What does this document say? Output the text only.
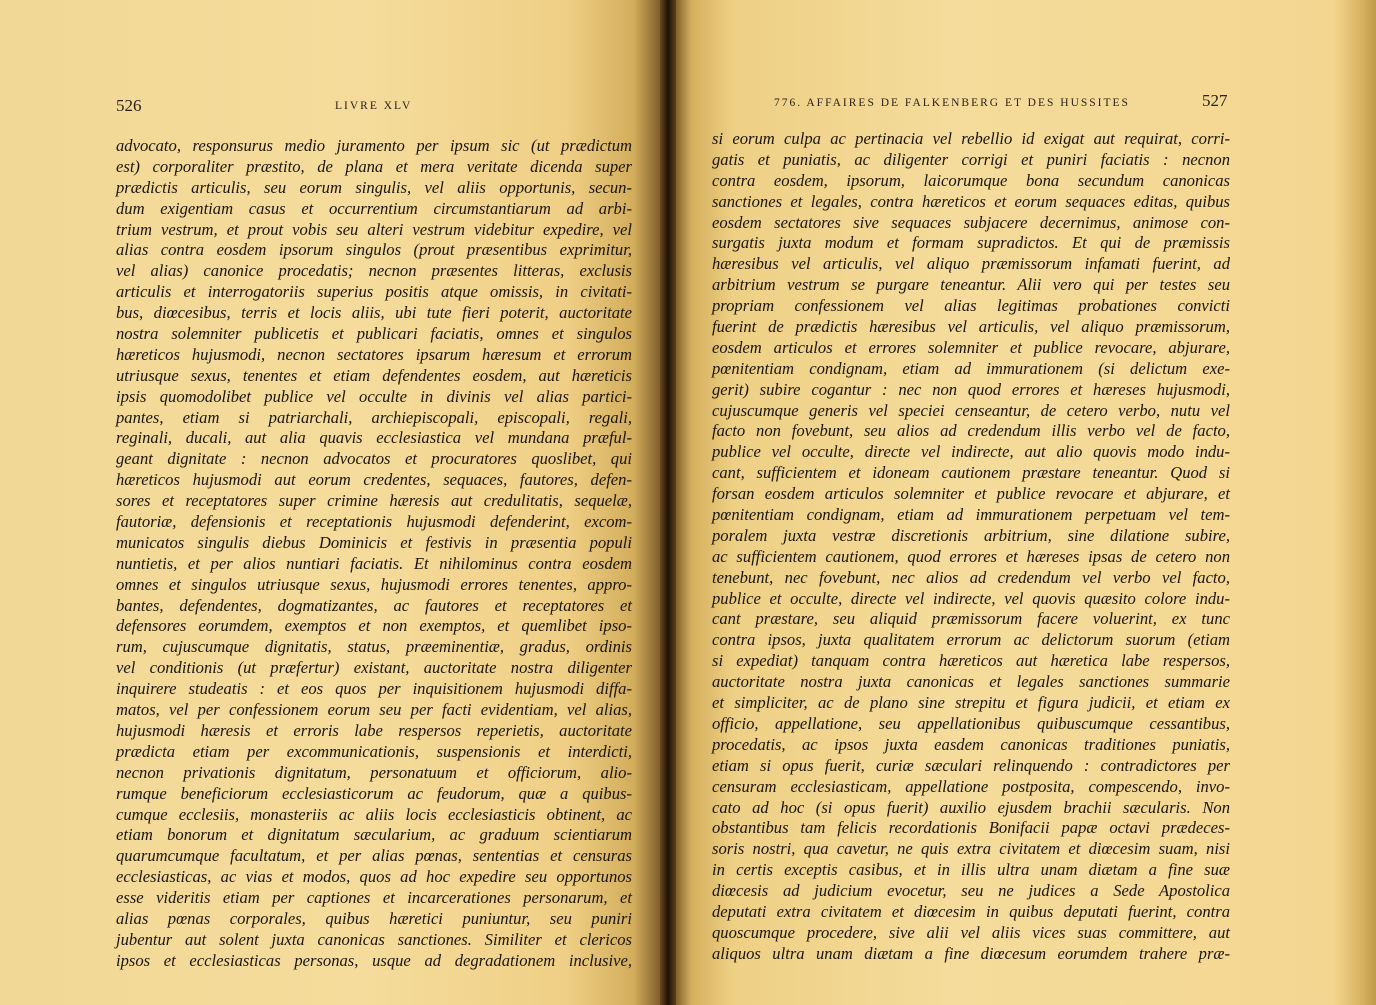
526	LIVRE XLV
advocato, responsurus medio juramento per ipsum sic (ut prædictum
est) corporaliter præstito, de plana et mera veritate dicenda super
prædictis articulis, seu eorum singulis, vel aliis opportunis, secun-
dum exigentiam casus et occurrentium circumstantiarum ad arbi-
trium vestrum, et prout vobis seu alteri vestrum videbitur expedire, vel
alias contra eosdem ipsorum singulos (prout præsentibus exprimitur,
vel alias) canonice procedatis; necnon præsentes litteras, exclusis
articulis et interrogatoriis superius positis atque omissis, in civitati-
bus, diœcesibus, terris et locis aliis, ubi tute fieri poterit, auctoritate
nostra solemniter publicetis et publicari faciatis, omnes et singulos
hæreticos hujusmodi, necnon sectatores ipsarum hæresum et errorum
utriusque sexus, tenentes et etiam defendentes eosdem, aut hæreticis
ipsis quomodolibet publice vel occulte in divinis vel alias partici-
pantes, etiam si patriarchali, archiepiscopali, episcopali, regali,
reginali, ducali, aut alia quavis ecclesiastica vel mundana præful-
geant dignitate : necnon advocatos et procuratores quoslibet, qui
hæreticos hujusmodi aut eorum credentes, sequaces, fautores, defen-
sores et receptatores super crimine hæresis aut credulitatis, sequelæ,
fautoriæ, defensionis et receptationis hujusmodi defenderint, excom-
municatos singulis diebus Dominicis et festivis in præsentia populi
nuntietis, et per alios nuntiari faciatis. Et nihilominus contra eosdem
omnes et singulos utriusque sexus, hujusmodi errores tenentes, appro-
bantes, defendentes, dogmatizantes, ac fautores et receptatores et
defensores eorumdem, exemptos et non exemptos, et quemlibet ipso-
rum, cujuscumque dignitatis, status, præeminentiæ, gradus, ordinis
vel conditionis (ut præfertur) existant, auctoritate nostra diligenter
inquirere studeatis : et eos quos per inquisitionem hujusmodi diffa-
matos, vel per confessionem eorum seu per facti evidentiam, vel alias,
hujusmodi hæresis et erroris labe respersos reperietis, auctoritate
prædicta etiam per excommunicationis, suspensionis et interdicti,
necnon privationis dignitatum, personatuum et officiorum, alio-
rumque beneficiorum ecclesiasticorum ac feudorum, quæ a quibus-
cumque ecclesiis, monasteriis ac aliis locis ecclesiasticis obtinent, ac
etiam bonorum et dignitatum sæcularium, ac graduum scientiarum
quarumcumque facultatum, et per alias pœnas, sententias et censuras
ecclesiasticas, ac vias et modos, quos ad hoc expedire seu opportunos
esse videritis etiam per captiones et incarcerationes personarum, et
alias pœnas corporales, quibus hæretici puniuntur, seu puniri
jubentur aut solent juxta canonicas sanctiones. Similiter et clericos
ipsos et ecclesiasticas personas, usque ad degradationem inclusive,
776. AFFAIRES DE FALKENBERG ET DES HUSSITES	527
si eorum culpa ac pertinacia vel rebellio id exigat aut requirat, corri-
gatis et puniatis, ac diligenter corrigi et puniri faciatis : necnon
contra eosdem, ipsorum, laicorumque bona secundum canonicas
sanctiones et legales, contra hæreticos et eorum sequaces editas, quibus
eosdem sectatores sive sequaces subjacere decernimus, animose con-
surgatis juxta modum et formam supradictos. Et qui de præmissis
hæresibus vel articulis, vel aliquo præmissorum infamati fuerint, ad
arbitrium vestrum se purgare teneantur. Alii vero qui per testes seu
propriam confessionem vel alias legitimas probationes convicti
fuerint de prædictis hæresibus vel articulis, vel aliquo præmissorum,
eosdem articulos et errores solemniter et publice revocare, abjurare,
pœnitentiam condignam, etiam ad immurationem (si delictum exe-
gerit) subire cogantur : nec non quod errores et hæreses hujusmodi,
cujuscumque generis vel speciei censeantur, de cetero verbo, nutu vel
facto non fovebunt, seu alios ad credendum illis verbo vel de facto,
publice vel occulte, directe vel indirecte, aut alio quovis modo indu-
cant, sufficientem et idoneam cautionem præstare teneantur. Quod si
forsan eosdem articulos solemniter et publice revocare et abjurare, et
pœnitentiam condignam, etiam ad immurationem perpetuam vel tem-
poralem juxta vestræ discretionis arbitrium, sine dilatione subire,
ac sufficientem cautionem, quod errores et hæreses ipsas de cetero non
tenebunt, nec fovebunt, nec alios ad credendum vel verbo vel facto,
publice et occulte, directe vel indirecte, vel quovis quæsito colore indu-
cant præstare, seu aliquid præmissorum facere voluerint, ex tunc
contra ipsos, juxta qualitatem errorum ac delictorum suorum (etiam
si expediat) tanquam contra hæreticos aut hæretica labe respersos,
auctoritate nostra juxta canonicas et legales sanctiones summarie
et simpliciter, ac de plano sine strepitu et figura judicii, et etiam ex
officio, appellatione, seu appellationibus quibuscumque cessantibus,
procedatis, ac ipsos juxta easdem canonicas traditiones puniatis,
etiam si opus fuerit, curiæ sæculari relinquendo : contradictores per
censuram ecclesiasticam, appellatione postposita, compescendo, invo-
cato ad hoc (si opus fuerit) auxilio ejusdem brachii sæcularis. Non
obstantibus tam felicis recordationis Bonifacii papæ octavi prædeces-
soris nostri, qua cavetur, ne quis extra civitatem et diœcesim suam, nisi
in certis exceptis casibus, et in illis ultra unam diætam a fine suæ
diœcesis ad judicium evocetur, seu ne judices a Sede Apostolica
deputati extra civitatem et diœcesim in quibus deputati fuerint, contra
quoscumque procedere, sive alii vel aliis vices suas committere, aut
aliquos ultra unam diætam a fine diœcesum eorumdem trahere præ-
